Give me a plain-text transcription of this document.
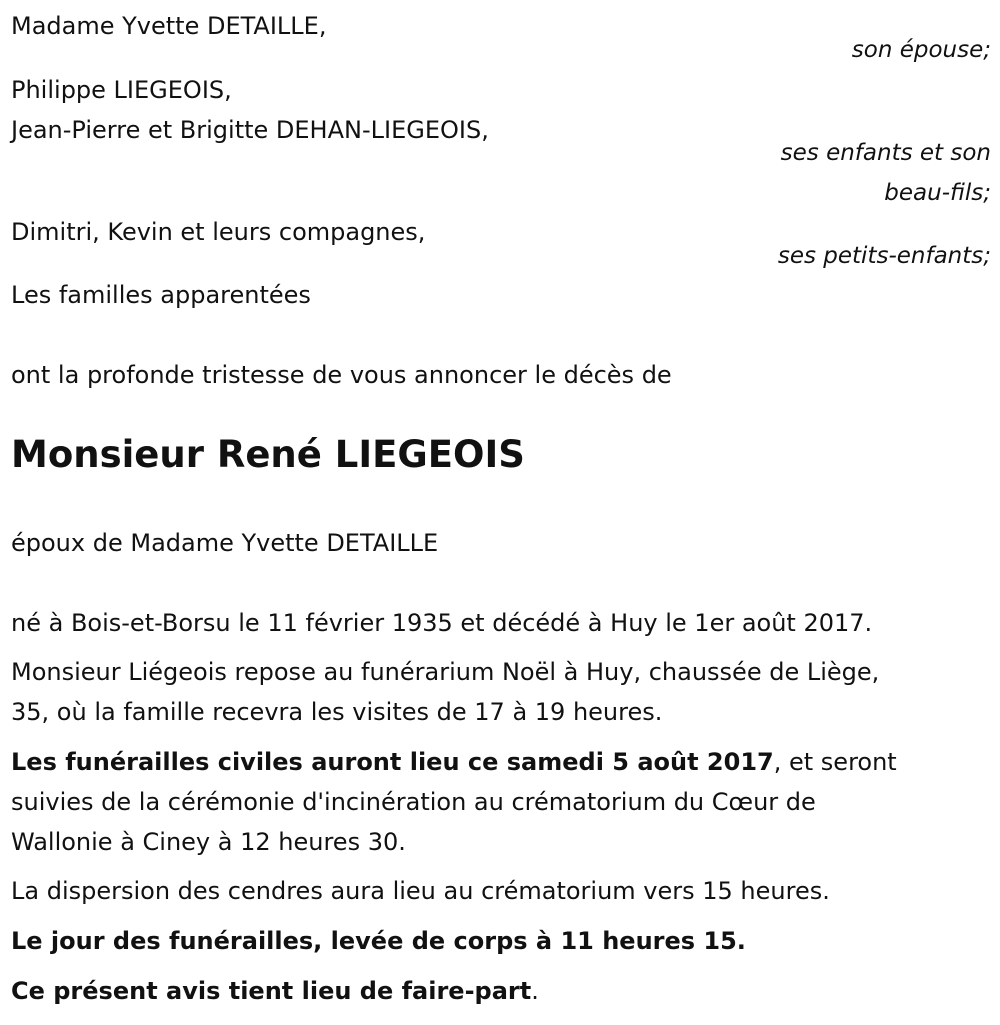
Madame Yvette DETAILLE,
son épouse;
Philippe LIEGEOIS,
Jean-Pierre et Brigitte DEHAN-LIEGEOIS,
ses enfants et son
beau-fils;
Dimitri, Kevin et leurs compagnes,
ses petits-enfants;
Les familles apparentées
ont la profonde tristesse de vous annoncer le décès de
Monsieur René LIEGEOIS
époux de Madame Yvette DETAILLE
né à Bois-et-Borsu le 11 février 1935 et décédé à Huy le 1er août 2017.
Monsieur Liégeois repose au funérarium Noël à Huy, chaussée de Liège,
35, où la famille recevra les visites de 17 à 19 heures.
Les funérailles civiles auront lieu ce samedi 5 août 2017, et seront
suivies de la cérémonie d'incinération au crématorium du Cœur de
Wallonie à Ciney à 12 heures 30.
La dispersion des cendres aura lieu au crématorium vers 15 heures.
Le jour des funérailles, levée de corps à 11 heures 15.
Ce présent avis tient lieu de faire-part.
